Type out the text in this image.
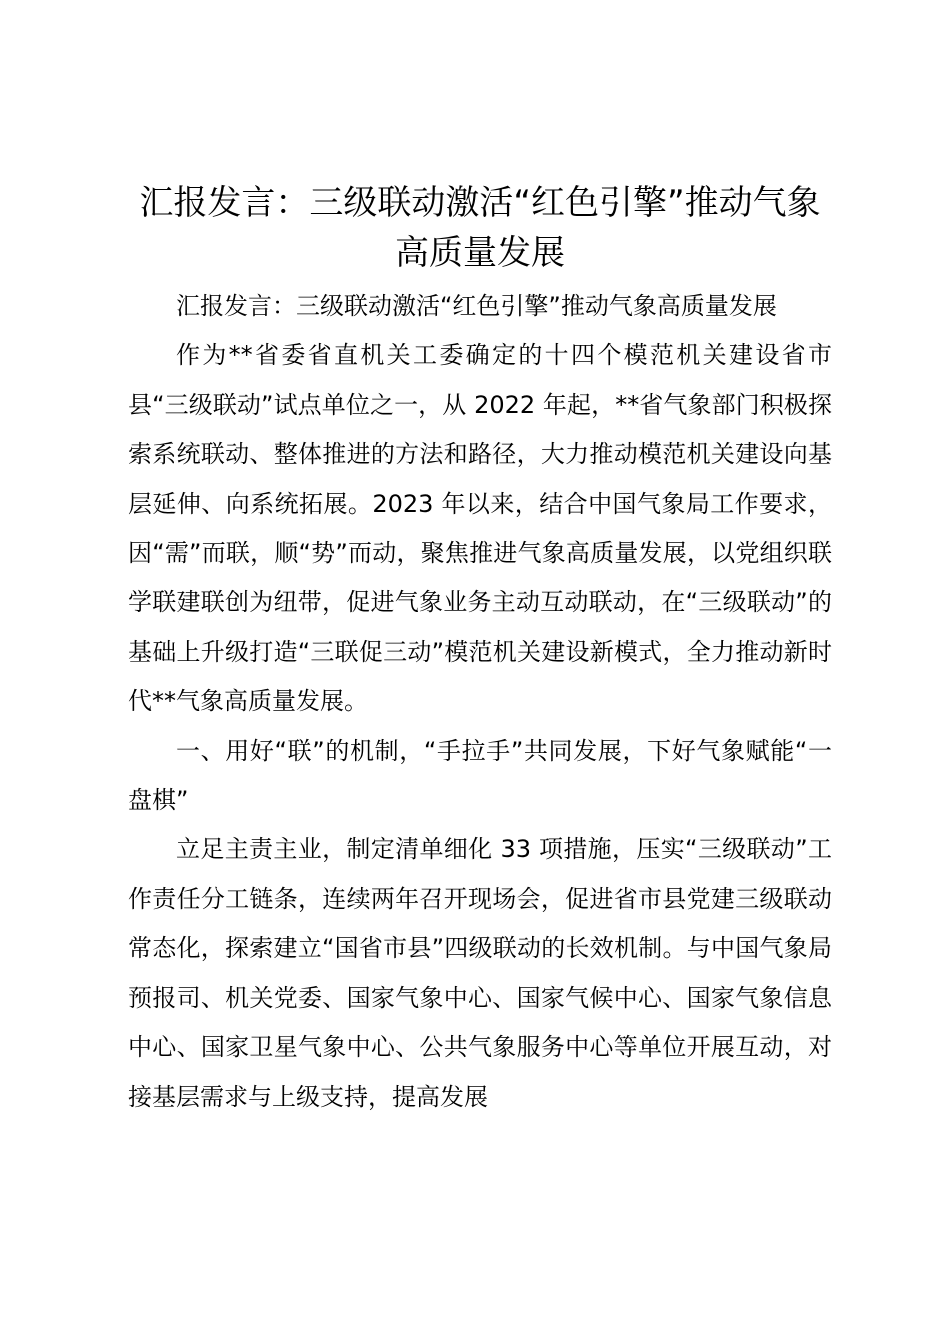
汇报发言：三级联动激活“红色引擎”推动气象高质量发展

汇报发言：三级联动激活“红色引擎”推动气象高质量发展

作为**省委省直机关工委确定的十四个模范机关建设省市县“三级联动”试点单位之一，从 2022 年起，**省气象部门积极探索系统联动、整体推进的方法和路径，大力推动模范机关建设向基层延伸、向系统拓展。2023 年以来，结合中国气象局工作要求，因“需”而联，顺“势”而动，聚焦推进气象高质量发展，以党组织联学联建联创为纽带，促进气象业务主动互动联动，在“三级联动”的基础上升级打造“三联促三动”模范机关建设新模式，全力推动新时代**气象高质量发展。

一、用好“联”的机制，“手拉手”共同发展，下好气象赋能“一盘棋”

立足主责主业，制定清单细化 33 项措施，压实“三级联动”工作责任分工链条，连续两年召开现场会，促进省市县党建三级联动常态化，探索建立“国省市县”四级联动的长效机制。与中国气象局预报司、机关党委、国家气象中心、国家气候中心、国家气象信息中心、国家卫星气象中心、公共气象服务中心等单位开展互动，对接基层需求与上级支持，提高发展
